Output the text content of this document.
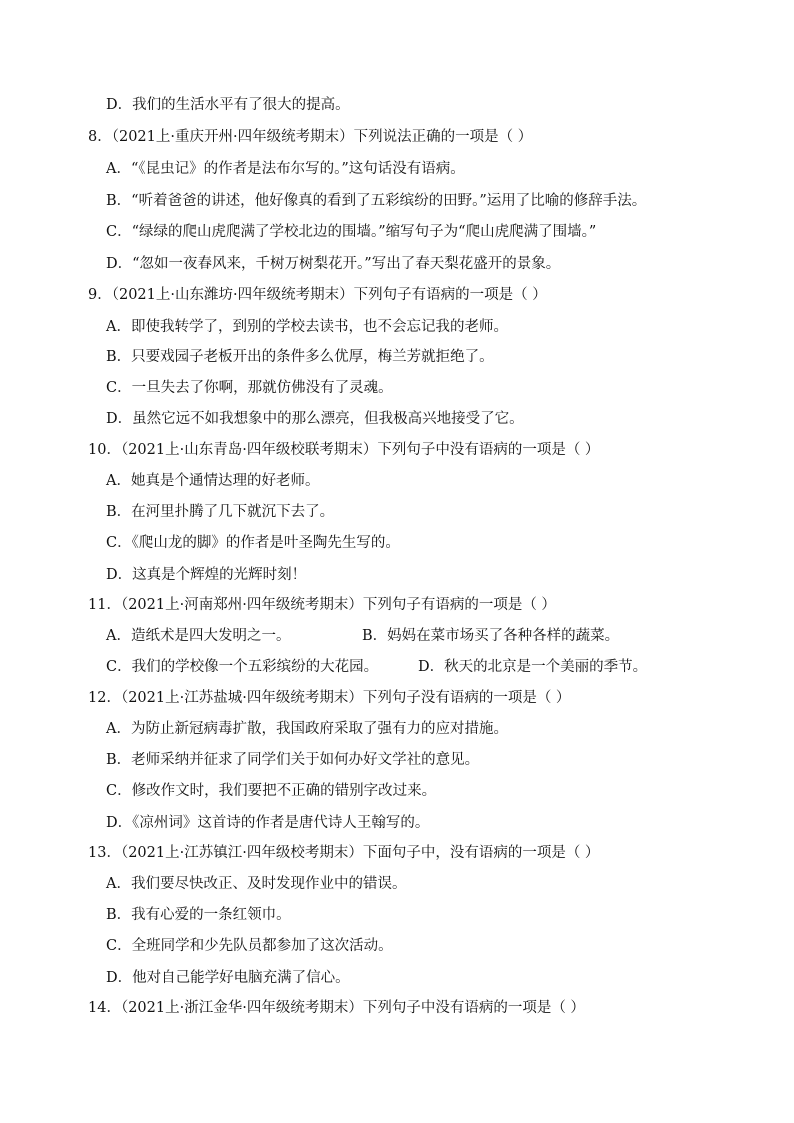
D．我们的生活水平有了很大的提高。
8．（2021上·重庆开州·四年级统考期末）下列说法正确的一项是（ ）
A．“《昆虫记》的作者是法布尔写的。”这句话没有语病。
B．“听着爸爸的讲述，他好像真的看到了五彩缤纷的田野。”运用了比喻的修辞手法。
C．“绿绿的爬山虎爬满了学校北边的围墙。”缩写句子为“爬山虎爬满了围墙。”
D．“忽如一夜春风来，千树万树梨花开。”写出了春天梨花盛开的景象。
9．（2021上·山东潍坊·四年级统考期末）下列句子有语病的一项是（ ）
A．即使我转学了，到别的学校去读书，也不会忘记我的老师。
B．只要戏园子老板开出的条件多么优厚，梅兰芳就拒绝了。
C．一旦失去了你啊，那就仿佛没有了灵魂。
D．虽然它远不如我想象中的那么漂亮，但我极高兴地接受了它。
10．（2021上·山东青岛·四年级校联考期末）下列句子中没有语病的一项是（ ）
A．她真是个通情达理的好老师。
B．在河里扑腾了几下就沉下去了。
C．《爬山龙的脚》的作者是叶圣陶先生写的。
D．这真是个辉煌的光辉时刻！
11．（2021上·河南郑州·四年级统考期末）下列句子有语病的一项是（ ）
A．造纸术是四大发明之一。	B．妈妈在菜市场买了各种各样的蔬菜。
C．我们的学校像一个五彩缤纷的大花园。	D．秋天的北京是一个美丽的季节。
12．（2021上·江苏盐城·四年级统考期末）下列句子没有语病的一项是（ ）
A．为防止新冠病毒扩散，我国政府采取了强有力的应对措施。
B．老师采纳并征求了同学们关于如何办好文学社的意见。
C．修改作文时，我们要把不正确的错别字改过来。
D．《凉州词》这首诗的作者是唐代诗人王翰写的。
13．（2021上·江苏镇江·四年级校考期末）下面句子中，没有语病的一项是（ ）
A．我们要尽快改正、及时发现作业中的错误。
B．我有心爱的一条红领巾。
C．全班同学和少先队员都参加了这次活动。
D．他对自己能学好电脑充满了信心。
14．（2021上·浙江金华·四年级统考期末）下列句子中没有语病的一项是（ ）
